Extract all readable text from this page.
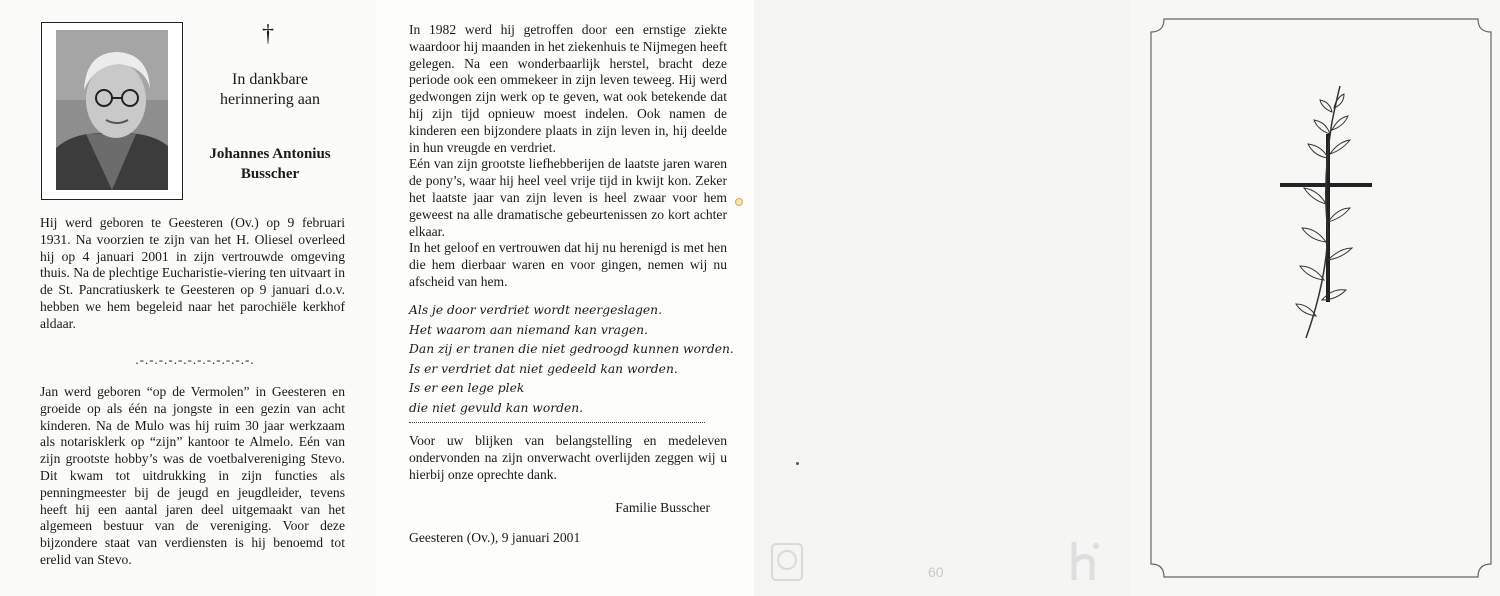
†
In dankbare
herinnering aan
Johannes Antonius
Busscher

Hij werd geboren te Geesteren (Ov.) op 9 februari 1931. Na voorzien te zijn van het H. Oliesel overleed hij op 4 januari 2001 in zijn vertrouwde omgeving thuis. Na de plechtige Eucharistie-viering ten uitvaart in de St. Pancratiuskerk te Geesteren op 9 januari d.o.v. hebben we hem begeleid naar het parochiële kerkhof aldaar.

.-.-.-.-.-.-.-.-.-.-.-.-.

Jan werd geboren “op de Vermolen” in Geesteren en groeide op als één na jongste in een gezin van acht kinderen. Na de Mulo was hij ruim 30 jaar werkzaam als notarisklerk op “zijn” kantoor te Almelo. Eén van zijn grootste hobby’s was de voetbalvereniging Stevo. Dit kwam tot uitdrukking in zijn functies als penningmeester bij de jeugd en jeugdleider, tevens heeft hij een aantal jaren deel uitgemaakt van het algemeen bestuur van de vereniging. Voor deze bijzondere staat van verdiensten is hij benoemd tot erelid van Stevo.

In 1982 werd hij getroffen door een ernstige ziekte waardoor hij maanden in het ziekenhuis te Nijmegen heeft gelegen. Na een wonderbaarlijk herstel, bracht deze periode ook een ommekeer in zijn leven teweeg. Hij werd gedwongen zijn werk op te geven, wat ook betekende dat hij zijn tijd opnieuw moest indelen. Ook namen de kinderen een bijzondere plaats in zijn leven in, hij deelde in hun vreugde en verdriet.
Eén van zijn grootste liefhebberijen de laatste jaren waren de pony’s, waar hij heel veel vrije tijd in kwijt kon. Zeker het laatste jaar van zijn leven is heel zwaar voor hem geweest na alle dramatische gebeurtenissen zo kort achter elkaar.
In het geloof en vertrouwen dat hij nu herenigd is met hen die hem dierbaar waren en voor gingen, nemen wij nu afscheid van hem.
Als je door verdriet wordt neergeslagen.
Het waarom aan niemand kan vragen.
Dan zij er tranen die niet gedroogd kunnen worden.
Is er verdriet dat niet gedeeld kan worden.
Is er een lege plek
die niet gevuld kan worden.

Voor uw blijken van belangstelling en medeleven ondervonden na zijn onverwacht overlijden zeggen wij u hierbij onze oprechte dank.

Familie Busscher
Geesteren (Ov.), 9 januari 2001
60
